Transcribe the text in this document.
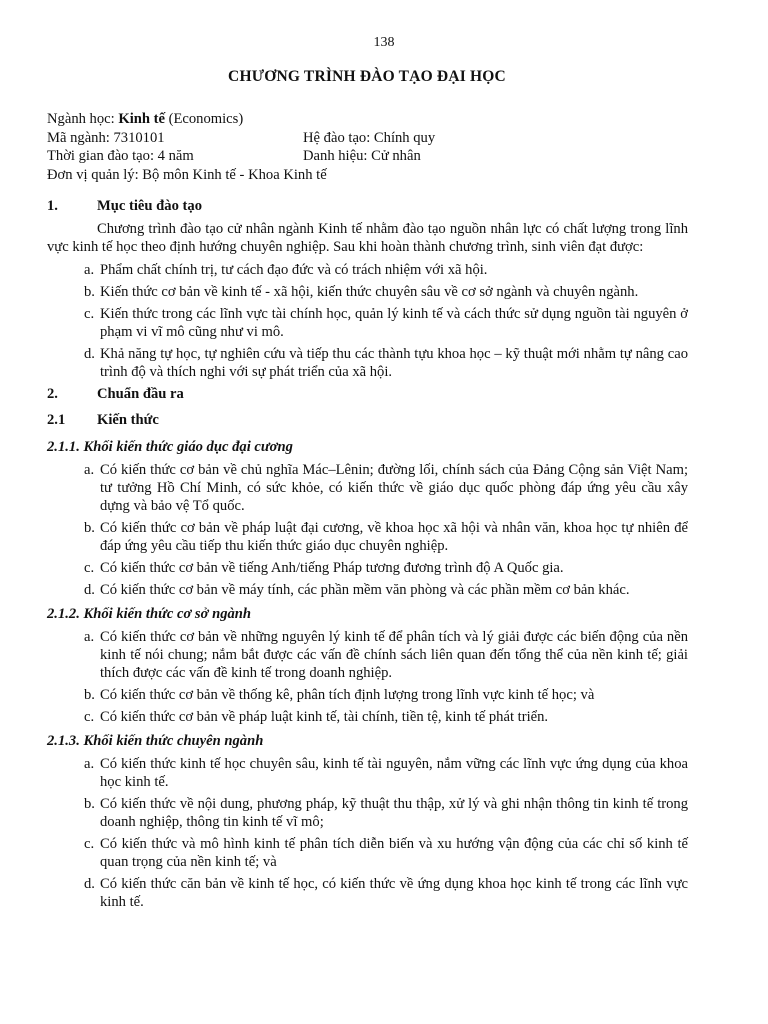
138
CHƯƠNG TRÌNH ĐÀO TẠO ĐẠI HỌC
Ngành học: Kinh tế (Economics)
Mã ngành: 7310101	Hệ đào tạo: Chính quy
Thời gian đào tạo: 4 năm	Danh hiệu: Cử nhân
Đơn vị quản lý: Bộ môn Kinh tế - Khoa Kinh tế
1.	Mục tiêu đào tạo
Chương trình đào tạo cử nhân ngành Kinh tế nhằm đào tạo nguồn nhân lực có chất lượng trong lĩnh vực kinh tế học theo định hướng chuyên nghiệp. Sau khi hoàn thành chương trình, sinh viên đạt được:
a. Phẩm chất chính trị, tư cách đạo đức và có trách nhiệm với xã hội.
b. Kiến thức cơ bản về kinh tế - xã hội, kiến thức chuyên sâu về cơ sở ngành và chuyên ngành.
c. Kiến thức trong các lĩnh vực tài chính học, quản lý kinh tế và cách thức sử dụng nguồn tài nguyên ở phạm vi vĩ mô cũng như vi mô.
d. Khả năng tự học, tự nghiên cứu và tiếp thu các thành tựu khoa học – kỹ thuật mới nhằm tự nâng cao trình độ và thích nghi với sự phát triển của xã hội.
2.	Chuẩn đầu ra
2.1 Kiến thức
2.1.1. Khối kiến thức giáo dục đại cương
a. Có kiến thức cơ bản về chủ nghĩa Mác–Lênin; đường lối, chính sách của Đảng Cộng sản Việt Nam; tư tưởng Hồ Chí Minh, có sức khỏe, có kiến thức về giáo dục quốc phòng đáp ứng yêu cầu xây dựng và bảo vệ Tổ quốc.
b. Có kiến thức cơ bản về pháp luật đại cương, về khoa học xã hội và nhân văn, khoa học tự nhiên để đáp ứng yêu cầu tiếp thu kiến thức giáo dục chuyên nghiệp.
c. Có kiến thức cơ bản về tiếng Anh/tiếng Pháp tương đương trình độ A Quốc gia.
d. Có kiến thức cơ bản về máy tính, các phần mềm văn phòng và các phần mềm cơ bản khác.
2.1.2. Khối kiến thức cơ sở ngành
a. Có kiến thức cơ bản về những nguyên lý kinh tế để phân tích và lý giải được các biến động của nền kinh tế nói chung; nắm bắt được các vấn đề chính sách liên quan đến tổng thể của nền kinh tế; giải thích được các vấn đề kinh tế trong doanh nghiệp.
b. Có kiến thức cơ bản về thống kê, phân tích định lượng trong lĩnh vực kinh tế học; và
c. Có kiến thức cơ bản về pháp luật kinh tế, tài chính, tiền tệ, kinh tế phát triển.
2.1.3. Khối kiến thức chuyên ngành
a. Có kiến thức kinh tế học chuyên sâu, kinh tế tài nguyên, nắm vững các lĩnh vực ứng dụng của khoa học kinh tế.
b. Có kiến thức về nội dung, phương pháp, kỹ thuật thu thập, xử lý và ghi nhận thông tin kinh tế trong doanh nghiệp, thông tin kinh tế vĩ mô;
c. Có kiến thức và mô hình kinh tế phân tích diễn biến và xu hướng vận động của các chỉ số kinh tế quan trọng của nền kinh tế; và
d. Có kiến thức căn bản về kinh tế học, có kiến thức về ứng dụng khoa học kinh tế trong các lĩnh vực kinh tế.
